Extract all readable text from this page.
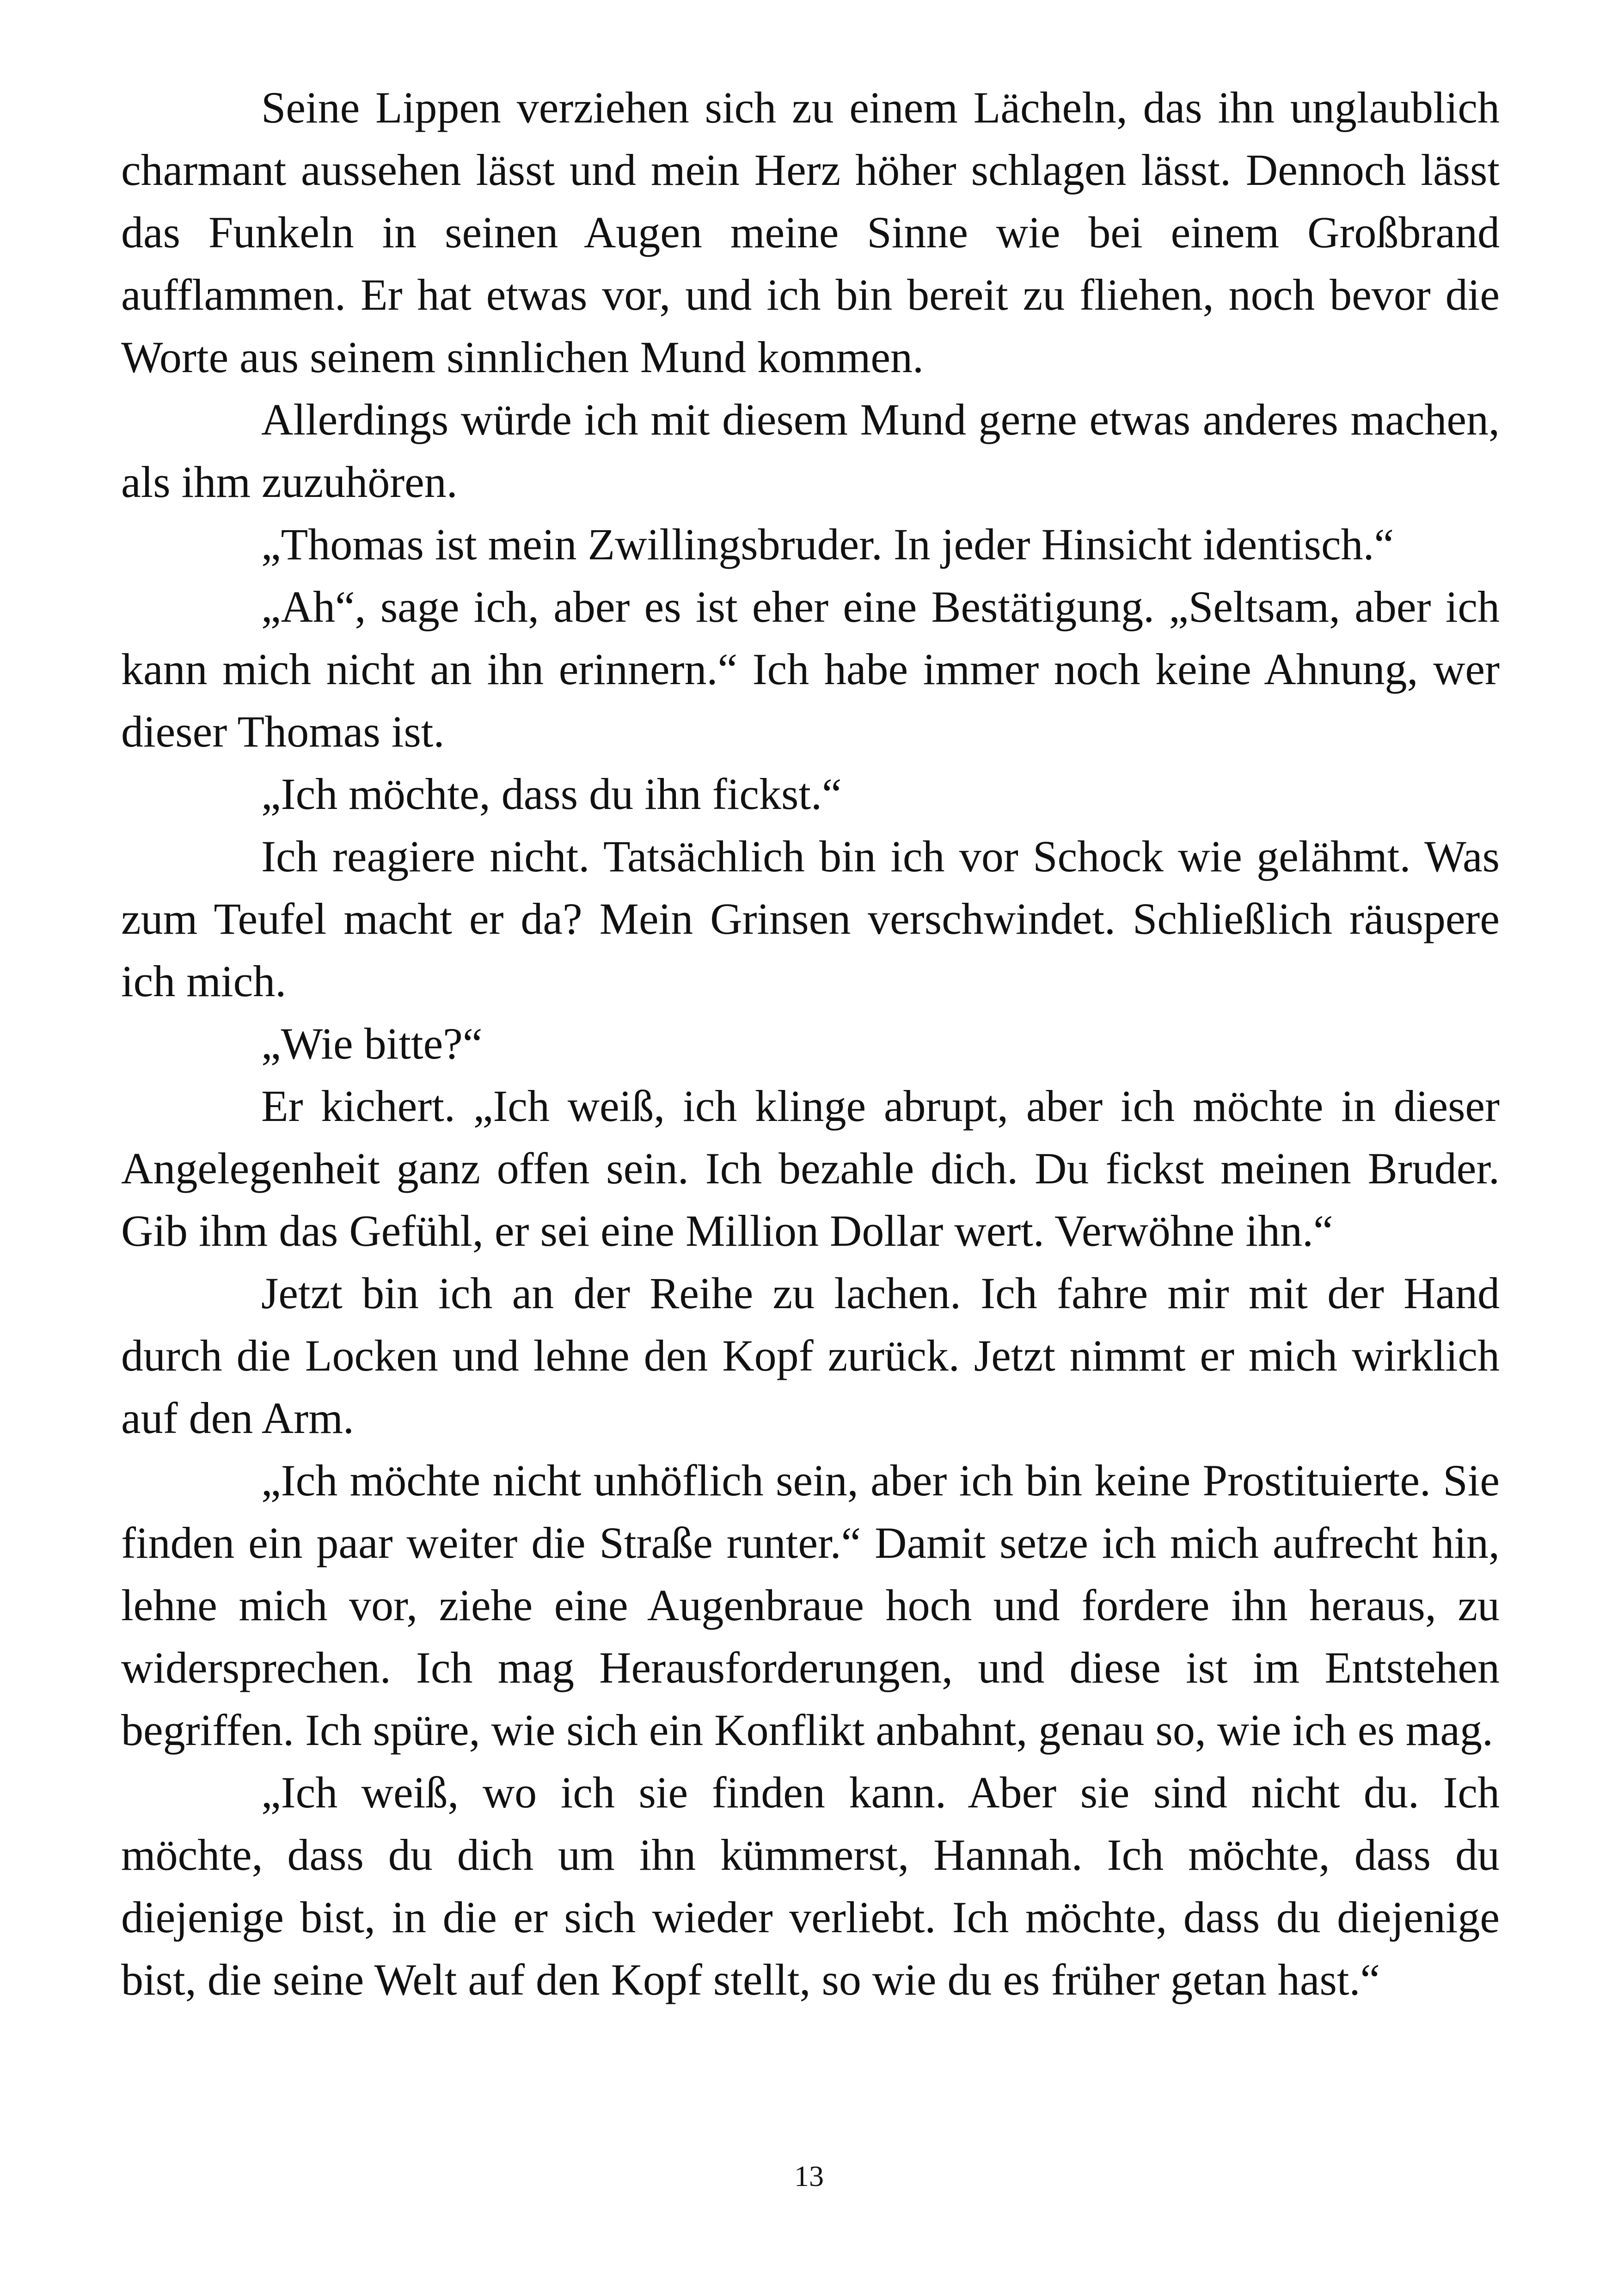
Seine Lippen verziehen sich zu einem Lächeln, das ihn unglaublich charmant aussehen lässt und mein Herz höher schlagen lässt. Dennoch lässt das Funkeln in seinen Augen meine Sinne wie bei einem Großbrand aufflammen. Er hat etwas vor, und ich bin bereit zu fliehen, noch bevor die Worte aus seinem sinnlichen Mund kommen.

Allerdings würde ich mit diesem Mund gerne etwas anderes machen, als ihm zuzuhören.

„Thomas ist mein Zwillingsbruder. In jeder Hinsicht identisch.“

„Ah“, sage ich, aber es ist eher eine Bestätigung. „Seltsam, aber ich kann mich nicht an ihn erinnern.“ Ich habe immer noch keine Ahnung, wer dieser Thomas ist.

„Ich möchte, dass du ihn fickst.“

Ich reagiere nicht. Tatsächlich bin ich vor Schock wie gelähmt. Was zum Teufel macht er da? Mein Grinsen verschwindet. Schließlich räuspere ich mich.

„Wie bitte?“

Er kichert. „Ich weiß, ich klinge abrupt, aber ich möchte in dieser Angelegenheit ganz offen sein. Ich bezahle dich. Du fickst meinen Bruder. Gib ihm das Gefühl, er sei eine Million Dollar wert. Verwöhne ihn.“

Jetzt bin ich an der Reihe zu lachen. Ich fahre mir mit der Hand durch die Locken und lehne den Kopf zurück. Jetzt nimmt er mich wirklich auf den Arm.

„Ich möchte nicht unhöflich sein, aber ich bin keine Prostituierte. Sie finden ein paar weiter die Straße runter.“ Damit setze ich mich aufrecht hin, lehne mich vor, ziehe eine Augenbraue hoch und fordere ihn heraus, zu widersprechen. Ich mag Herausforderungen, und diese ist im Entstehen begriffen. Ich spüre, wie sich ein Konflikt anbahnt, genau so, wie ich es mag.

„Ich weiß, wo ich sie finden kann. Aber sie sind nicht du. Ich möchte, dass du dich um ihn kümmerst, Hannah. Ich möchte, dass du diejenige bist, in die er sich wieder verliebt. Ich möchte, dass du diejenige bist, die seine Welt auf den Kopf stellt, so wie du es früher getan hast.“

13
